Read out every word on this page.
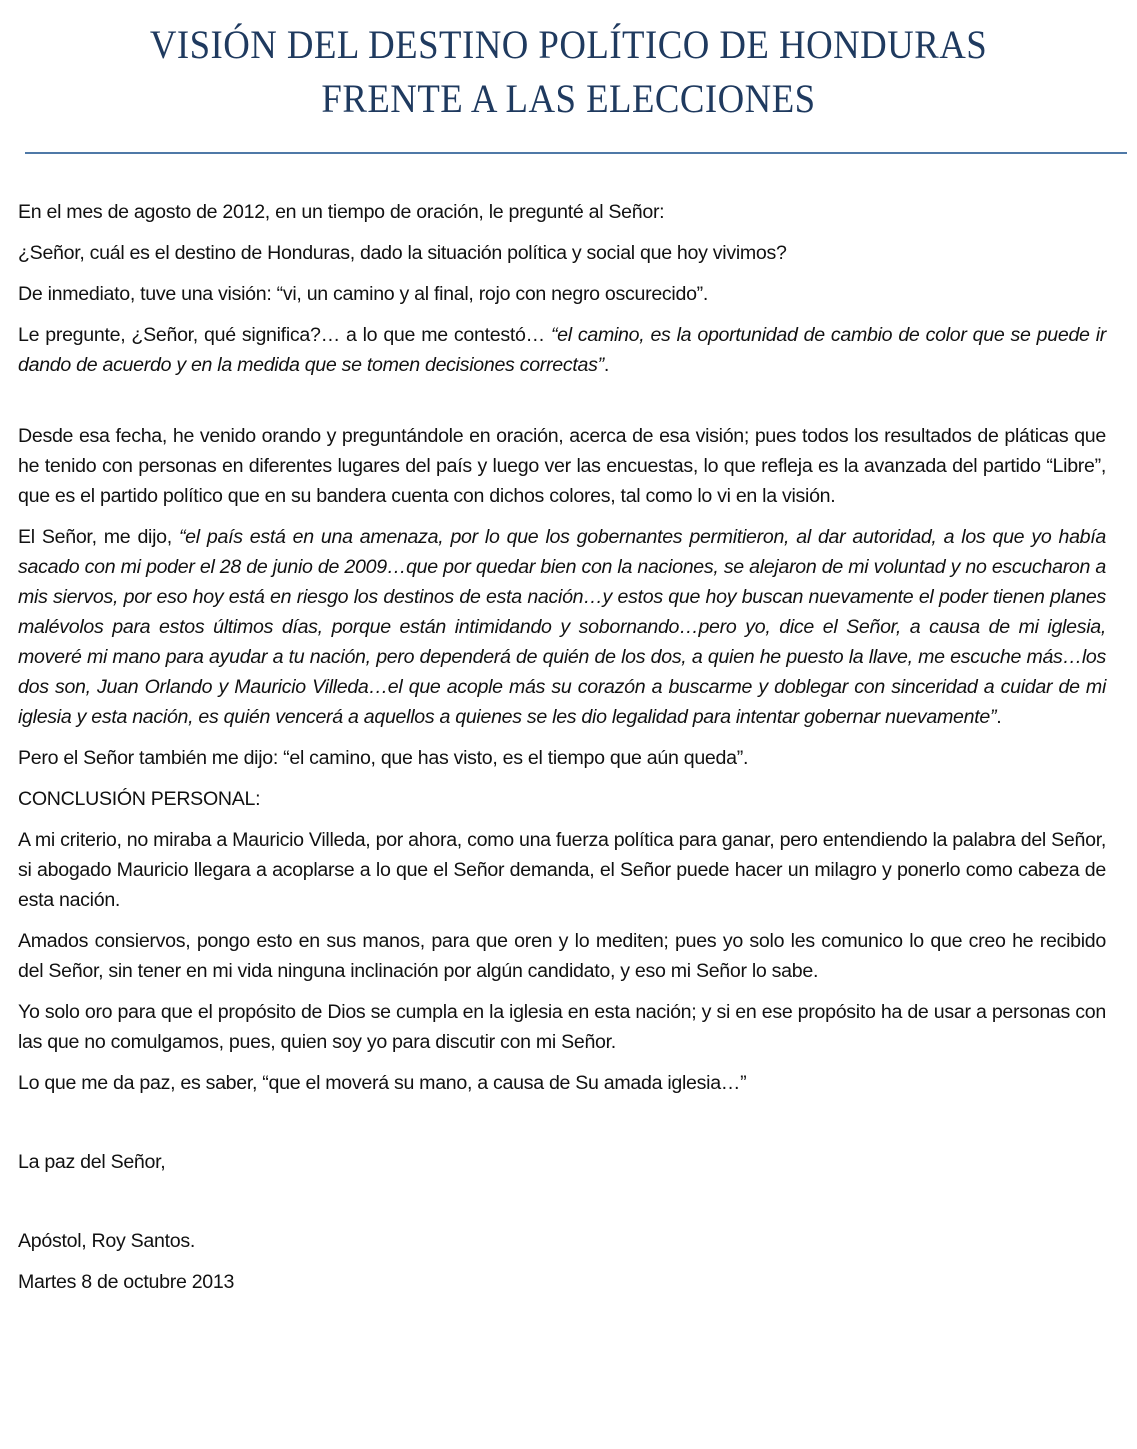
VISIÓN DEL DESTINO POLÍTICO DE HONDURAS
FRENTE A LAS ELECCIONES

En el mes de agosto de 2012, en un tiempo de oración, le pregunté al Señor:

¿Señor, cuál es el destino de Honduras, dado la situación política y social que hoy vivimos?

De inmediato, tuve una visión: “vi, un camino y al final, rojo con negro oscurecido”.

Le pregunte, ¿Señor, qué significa?… a lo que me contestó… “el camino, es la oportunidad de cambio de color que se puede ir dando de acuerdo y en la medida que se tomen decisiones correctas”.

Desde esa fecha, he venido orando y preguntándole en oración, acerca de esa visión; pues todos los resultados de pláticas que he tenido con personas en diferentes lugares del país y luego ver las encuestas, lo que refleja es la avanzada del partido “Libre”, que es el partido político que en su bandera cuenta con dichos colores, tal como lo vi en la visión.

El Señor, me dijo, “el país está en una amenaza, por lo que los gobernantes permitieron, al dar autoridad, a los que yo había sacado con mi poder el 28 de junio de 2009…que por quedar bien con la naciones, se alejaron de mi voluntad y no escucharon a mis siervos, por eso hoy está en riesgo los destinos de esta nación…y estos que hoy buscan nuevamente el poder tienen planes malévolos para estos últimos días, porque están intimidando y sobornando…pero yo, dice el Señor, a causa de mi iglesia, moveré mi mano para ayudar a tu nación, pero dependerá de quién de los dos, a quien he puesto la llave, me escuche más…los dos son, Juan Orlando y Mauricio Villeda…el que acople más su corazón a buscarme y doblegar con sinceridad a cuidar de mi iglesia y esta nación, es quién vencerá a aquellos a quienes se les dio legalidad para intentar gobernar nuevamente”.

Pero el Señor también me dijo: “el camino, que has visto, es el tiempo que aún queda”.

CONCLUSIÓN PERSONAL:

A mi criterio, no miraba a Mauricio Villeda, por ahora, como una fuerza política para ganar, pero entendiendo la palabra del Señor, si abogado Mauricio llegara a acoplarse a lo que el Señor demanda, el Señor puede hacer un milagro y ponerlo como cabeza de esta nación.

Amados consiervos, pongo esto en sus manos, para que oren y lo mediten; pues yo solo les comunico lo que creo he recibido del Señor, sin tener en mi vida ninguna inclinación por algún candidato, y eso mi Señor lo sabe.

Yo solo oro para que el propósito de Dios se cumpla en la iglesia en esta nación; y si en ese propósito ha de usar a personas con las que no comulgamos, pues, quien soy yo para discutir con mi Señor.

Lo que me da paz, es saber, “que el moverá su mano, a causa de Su amada iglesia…”

La paz del Señor,

Apóstol, Roy Santos.

Martes 8 de octubre 2013
